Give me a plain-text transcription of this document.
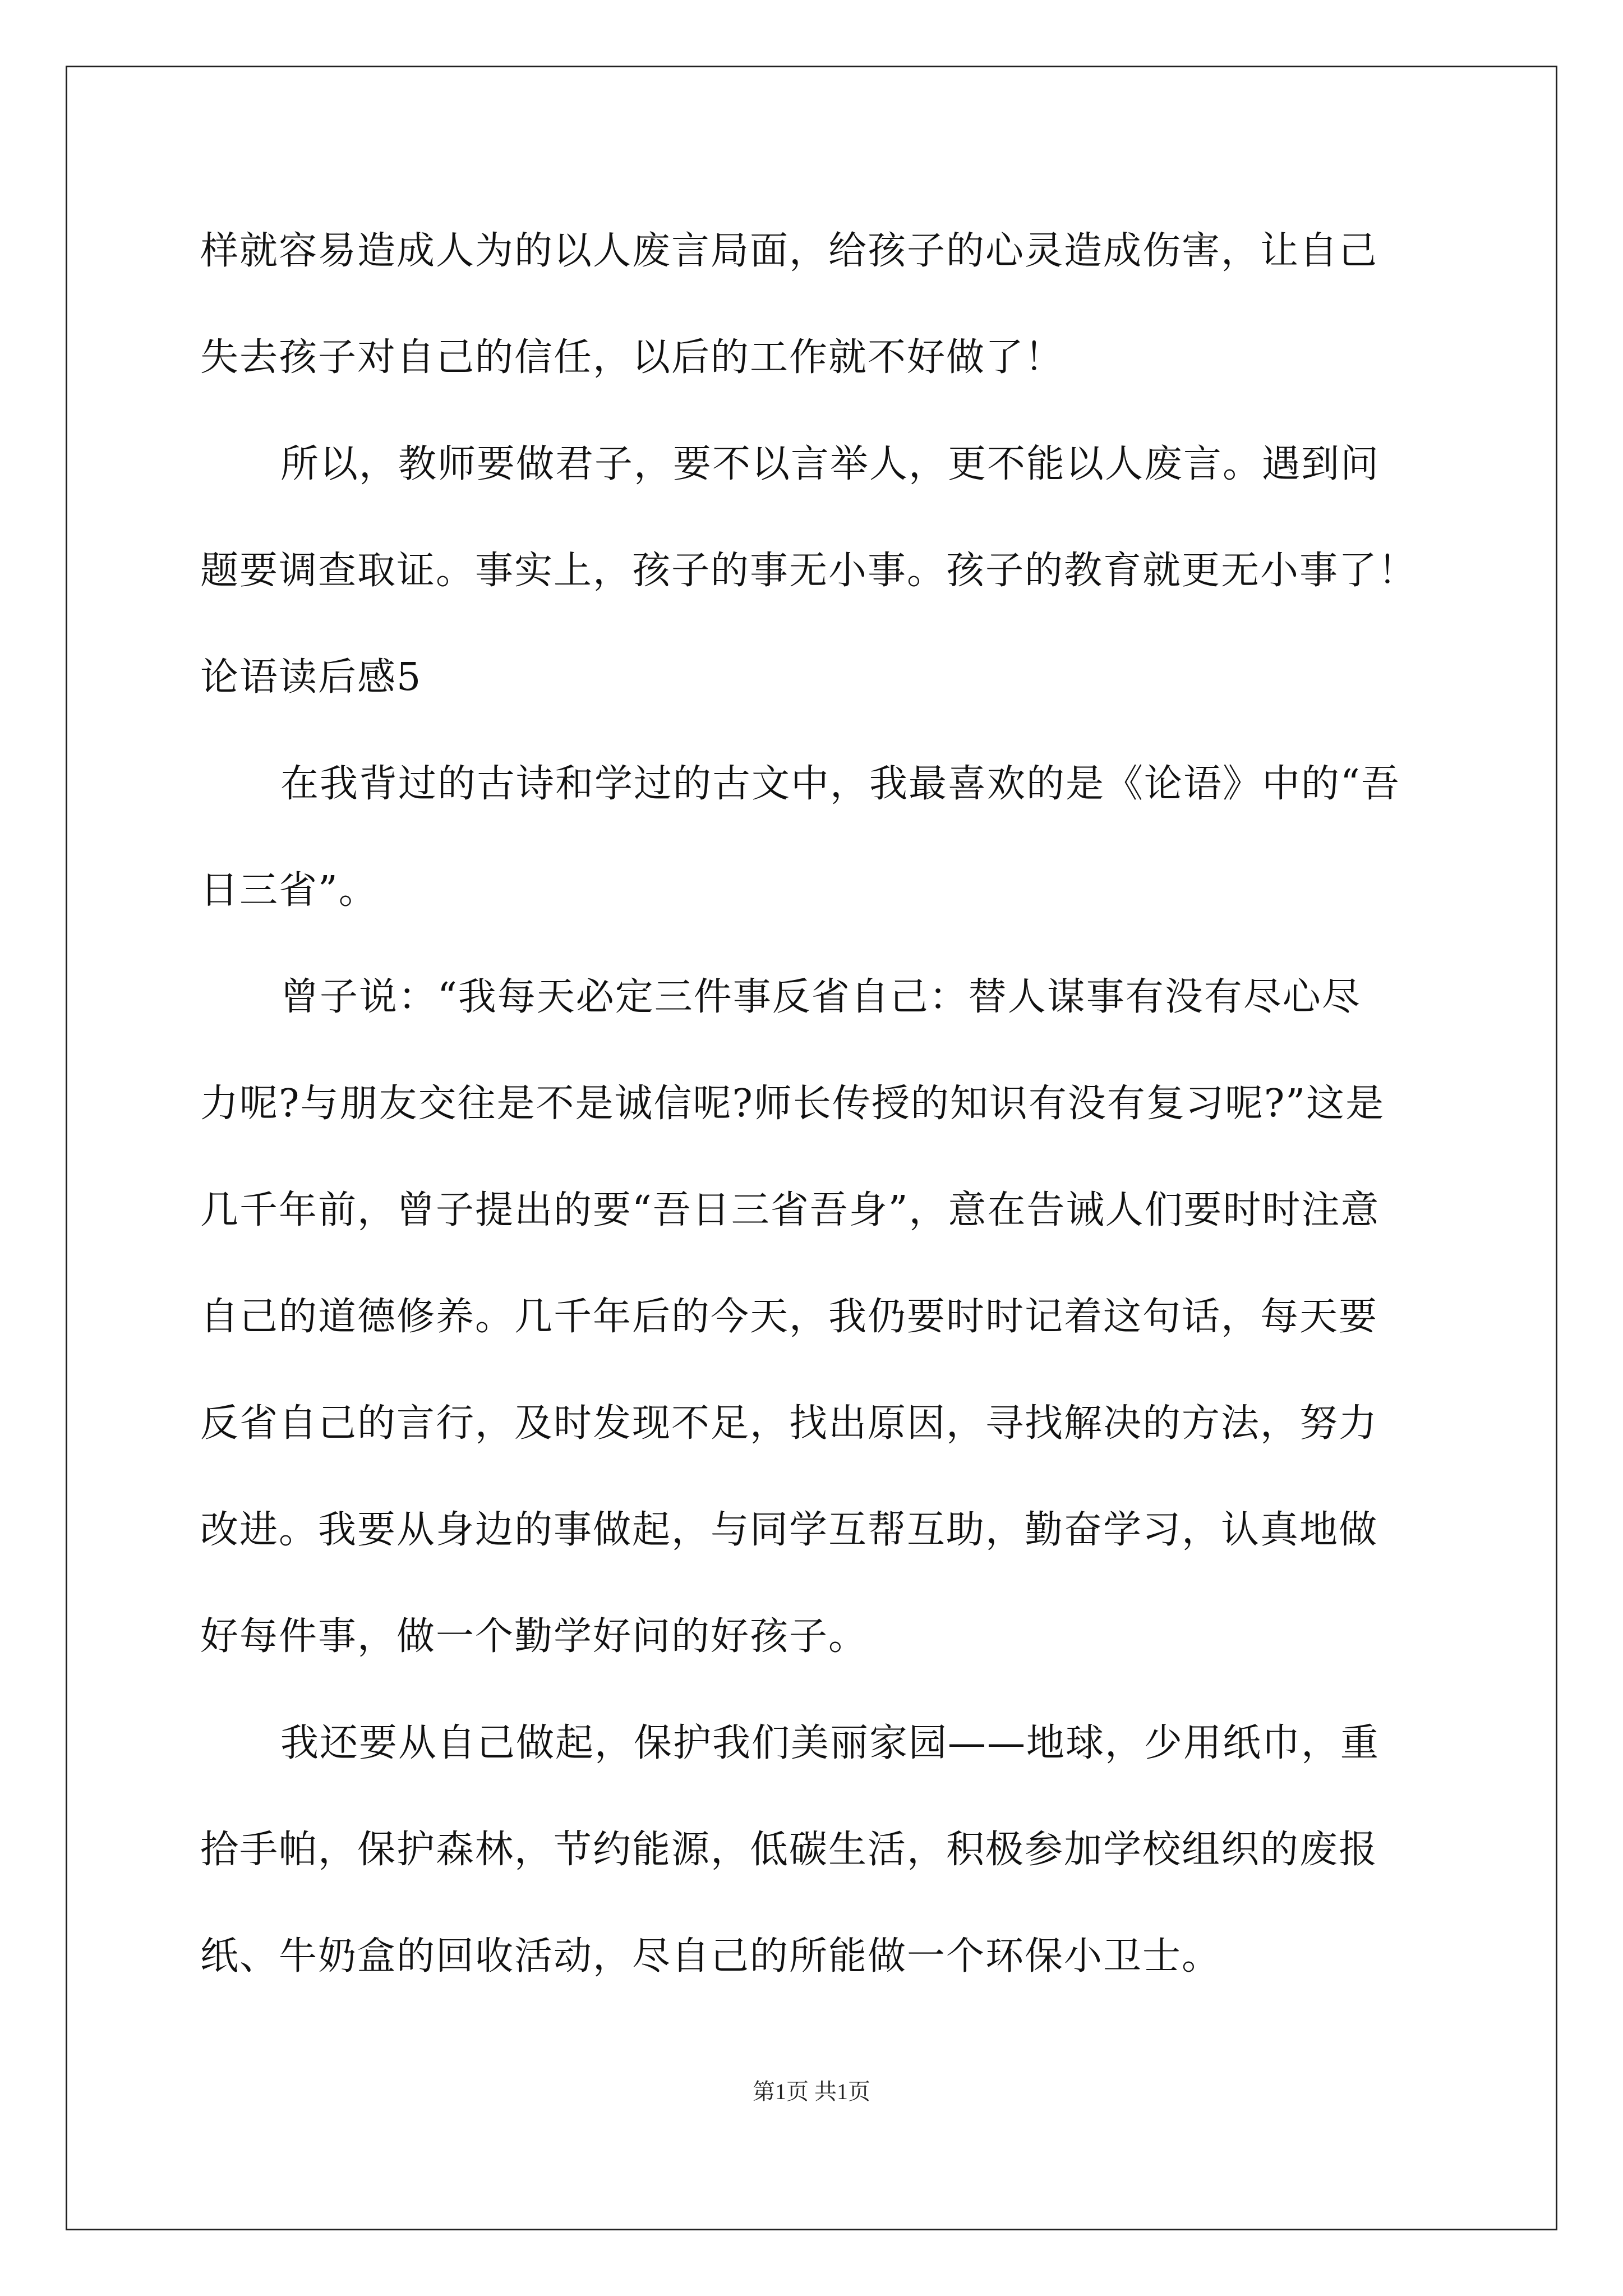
样就容易造成人为的以人废言局面，给孩子的心灵造成伤害，让自己

失去孩子对自己的信任，以后的工作就不好做了！

所以，教师要做君子，要不以言举人，更不能以人废言。遇到问

题要调查取证。事实上，孩子的事无小事。孩子的教育就更无小事了！

论语读后感5

在我背过的古诗和学过的古文中，我最喜欢的是《论语》中的“吾

日三省”。

曾子说：“我每天必定三件事反省自己：替人谋事有没有尽心尽

力呢?与朋友交往是不是诚信呢?师长传授的知识有没有复习呢?”这是

几千年前，曾子提出的要“吾日三省吾身”，意在告诫人们要时时注意

自己的道德修养。几千年后的今天，我仍要时时记着这句话，每天要

反省自己的言行，及时发现不足，找出原因，寻找解决的方法，努力

改进。我要从身边的事做起，与同学互帮互助，勤奋学习，认真地做

好每件事，做一个勤学好问的好孩子。

我还要从自己做起，保护我们美丽家园——地球，少用纸巾，重

拾手帕，保护森林，节约能源，低碳生活，积极参加学校组织的废报

纸、牛奶盒的回收活动，尽自己的所能做一个环保小卫士。

第1页 共1页
